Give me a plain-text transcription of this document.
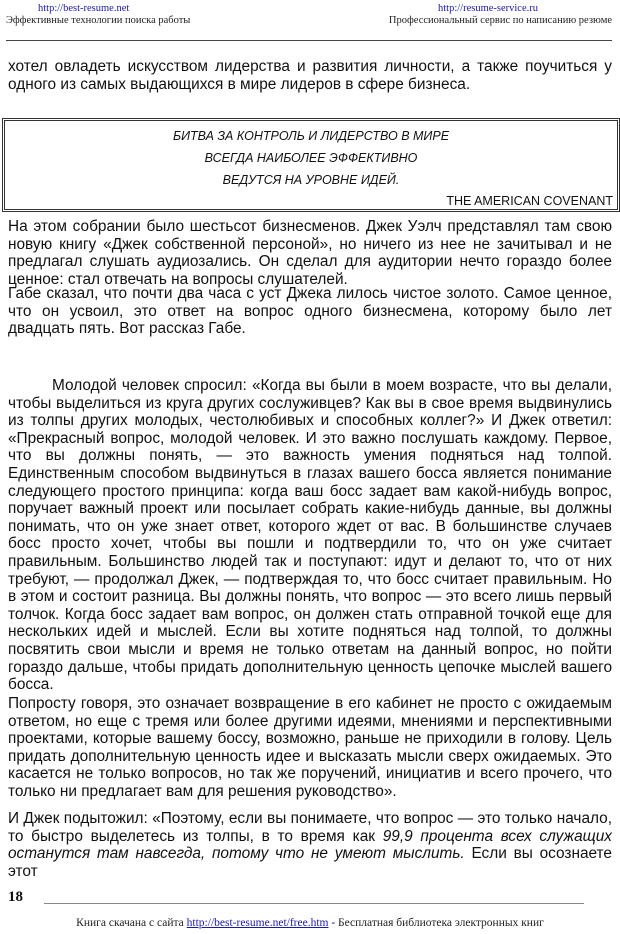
http://best-resume.net
Эффективные технологии поиска работы
http://resume-service.ru
Профессиональный сервис по написанию резюме

хотел овладеть искусством лидерства и развития личности, а также поучиться у одного из самых выдающихся в мире лидеров в сфере бизнеса.

БИТВА ЗА КОНТРОЛЬ И ЛИДЕРСТВО В МИРЕ
ВСЕГДА НАИБОЛЕЕ ЭФФЕКТИВНО
ВЕДУТСЯ НА УРОВНЕ ИДЕЙ.
THE AMERICAN COVENANT

На этом собрании было шестьсот бизнесменов. Джек Уэлч представлял там свою новую книгу «Джек собственной персоной», но ничего из нее не зачитывал и не предлагал слушать аудиозались. Он сделал для аудитории нечто гораздо более ценное: стал отвечать на вопросы слушателей.

Габе сказал, что почти два часа с уст Джека лилось чистое золото. Самое ценное, что он усвоил, это ответ на вопрос одного бизнесмена, которому было лет двадцать пять. Вот рассказ Габе.

Молодой человек спросил: «Когда вы были в моем возрасте, что вы делали, чтобы выделиться из круга других сослуживцев? Как вы в свое время выдвинулись из толпы других молодых, честолюбивых и способных коллег?» И Джек ответил: «Прекрасный вопрос, молодой человек. И это важно послушать каждому. Первое, что вы должны понять, — это важность умения подняться над толпой. Единственным способом выдвинуться в глазах вашего босса является понимание следующего простого принципа: когда ваш босс задает вам какой-нибудь вопрос, поручает важный проект или посылает собрать какие-нибудь данные, вы должны понимать, что он уже знает ответ, которого ждет от вас. В большинстве случаев босс просто хочет, чтобы вы пошли и подтвердили то, что он уже считает правильным. Большинство людей так и поступают: идут и делают то, что от них требуют, — продолжал Джек, — подтверждая то, что босс считает правильным. Но в этом и состоит разница. Вы должны понять, что вопрос — это всего лишь первый толчок. Когда босс задает вам вопрос, он должен стать отправной точкой еще для нескольких идей и мыслей. Если вы хотите подняться над толпой, то должны посвятить свои мысли и время не только ответам на данный вопрос, но пойти гораздо дальше, чтобы придать дополнительную ценность цепочке мыслей вашего босса.

Попросту говоря, это означает возвращение в его кабинет не просто с ожидаемым ответом, но еще с тремя или более другими идеями, мнениями и перспективными проектами, которые вашему боссу, возможно, раньше не приходили в голову. Цель придать дополнительную ценность идее и высказать мысли сверх ожидаемых. Это касается не только вопросов, но так же поручений, инициатив и всего прочего, что только ни предлагает вам для решения руководство».

И Джек подытожил: «Поэтому, если вы понимаете, что вопрос — это только начало, то быстро выделетесь из толпы, в то время как 99,9 процента всех служащих останутся там навсегда, потому что не умеют мыслить. Если вы осознаете этот

18
Книга скачана с сайта http://best-resume.net/free.htm - Бесплатная библиотека электронных книг
